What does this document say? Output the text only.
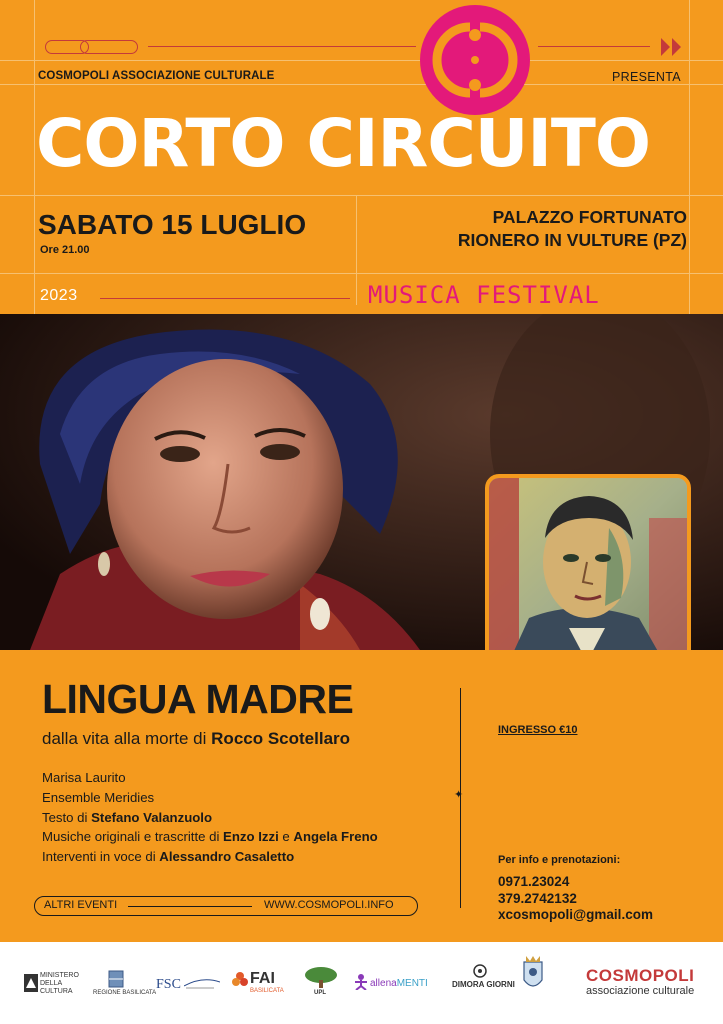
COSMOPOLI ASSOCIAZIONE CULTURALE	PRESENTA
CORTO CIRCUITO
SABATO 15 LUGLIO
Ore 21.00
PALAZZO FORTUNATO
RIONERO IN VULTURE (PZ)
2023	MUSICA FESTIVAL
LINGUA MADRE
dalla vita alla morte di Rocco Scotellaro
Marisa Laurito
Ensemble Meridies
Testo di Stefano Valanzuolo
Musiche originali e trascritte di Enzo Izzi e Angela Freno
Interventi in voce di Alessandro Casaletto
✦
INGRESSO €10
Per info e prenotazioni:
0971.23024
379.2742132
xcosmopoli@gmail.com
ALTRI EVENTI	WWW.COSMOPOLI.INFO
MINISTERO
DELLA
CULTURA	REGIONE BASILICATA
FSC	FAI
BASILICATA	UPL
allenaMENTI	DIMORA GIORNI	COSMOPOLI
associazione culturale
